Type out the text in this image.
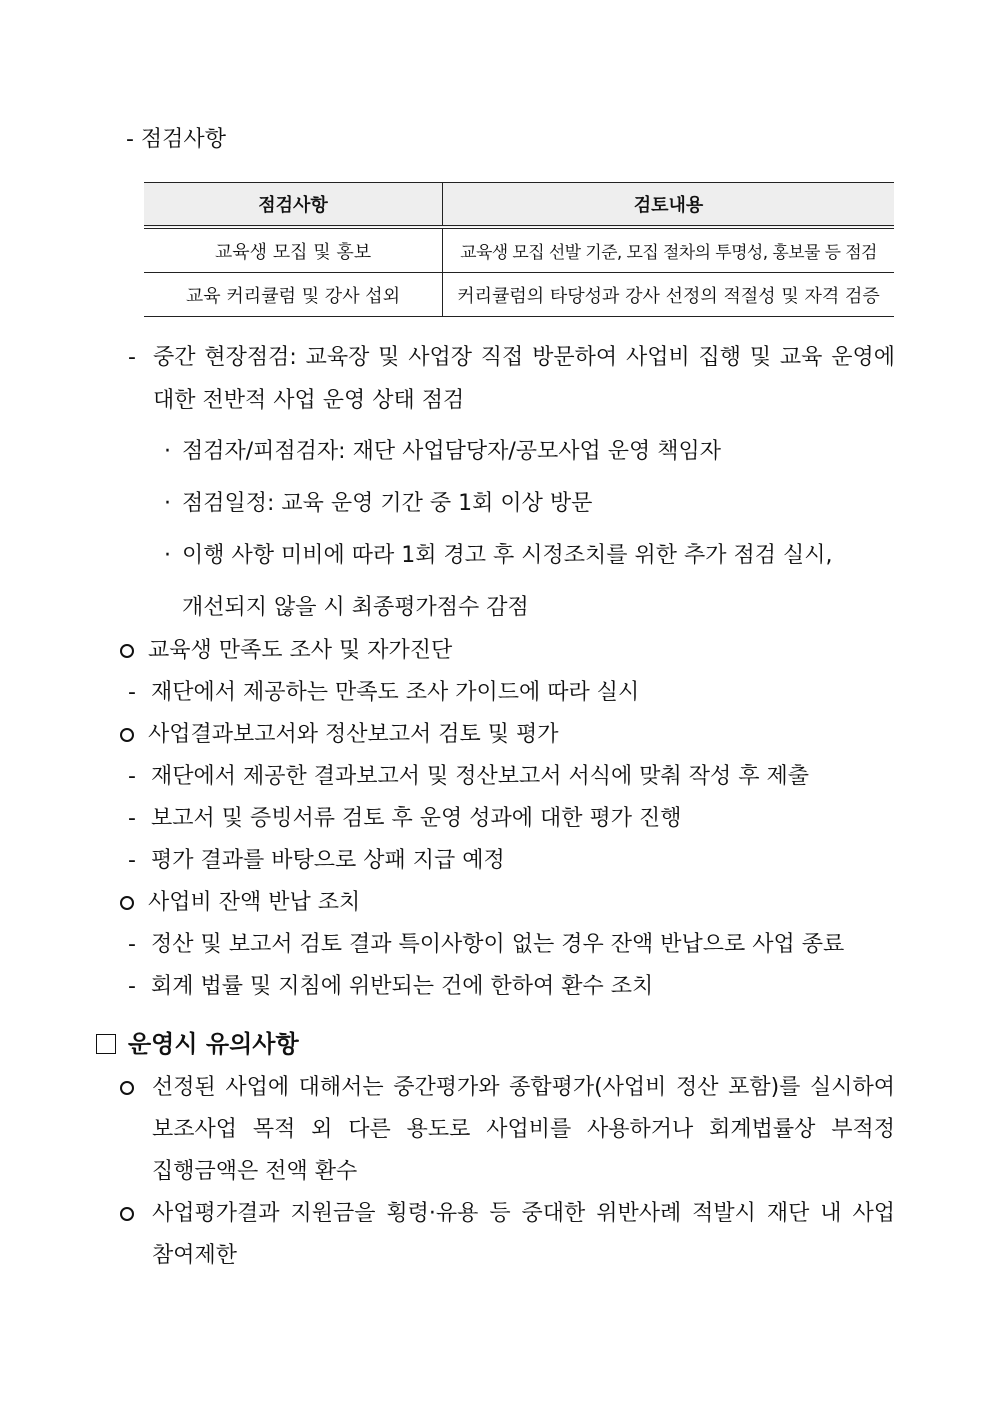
- 점검사항
점검사항	검토내용
교육생 모집 및 홍보	교육생 모집 선발 기준, 모집 절차의 투명성, 홍보물 등 점검
교육 커리큘럼 및 강사 섭외	커리큘럼의 타당성과 강사 선정의 적절성 및 자격 검증
- 중간 현장점검: 교육장 및 사업장 직접 방문하여 사업비 집행 및 교육 운영에
대한 전반적 사업 운영 상태 점검
· 점검자/피점검자: 재단 사업담당자/공모사업 운영 책임자
· 점검일정: 교육 운영 기간 중 1회 이상 방문
· 이행 사항 미비에 따라 1회 경고 후 시정조치를 위한 추가 점검 실시,
개선되지 않을 시 최종평가점수 감점
교육생 만족도 조사 및 자가진단
- 재단에서 제공하는 만족도 조사 가이드에 따라 실시
사업결과보고서와 정산보고서 검토 및 평가
- 재단에서 제공한 결과보고서 및 정산보고서 서식에 맞춰 작성 후 제출
- 보고서 및 증빙서류 검토 후 운영 성과에 대한 평가 진행
- 평가 결과를 바탕으로 상패 지급 예정
사업비 잔액 반납 조치
- 정산 및 보고서 검토 결과 특이사항이 없는 경우 잔액 반납으로 사업 종료
- 회계 법률 및 지침에 위반되는 건에 한하여 환수 조치
운영시 유의사항
선정된 사업에 대해서는 중간평가와 종합평가(사업비 정산 포함)를 실시하여
보조사업 목적 외 다른 용도로 사업비를 사용하거나 회계법률상 부적정
집행금액은 전액 환수
사업평가결과 지원금을 횡령·유용 등 중대한 위반사례 적발시 재단 내 사업
참여제한
